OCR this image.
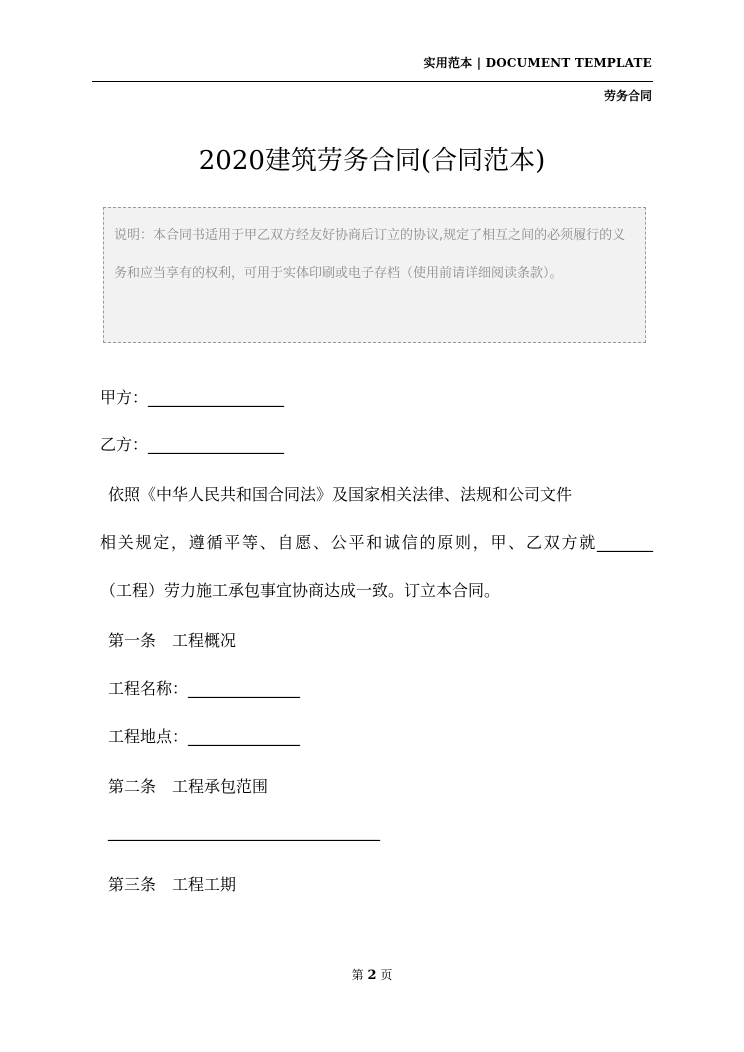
实用范本 | DOCUMENT TEMPLATE
劳务合同
2020建筑劳务合同(合同范本)
说明：本合同书适用于甲乙双方经友好协商后订立的协议,规定了相互之间的必须履行的义务和应当享有的权利，可用于实体印刷或电子存档（使用前请详细阅读条款）。
甲方：_________________
乙方：_________________
依照《中华人民共和国合同法》及国家相关法律、法规和公司文件
相关规定，遵循平等、自愿、公平和诚信的原则，甲、乙双方就_______
（工程）劳力施工承包事宜协商达成一致。订立本合同。
第一条　工程概况
工程名称：______________
工程地点：______________
第二条　工程承包范围
__________________________________
第三条　工程工期
第 2 页
